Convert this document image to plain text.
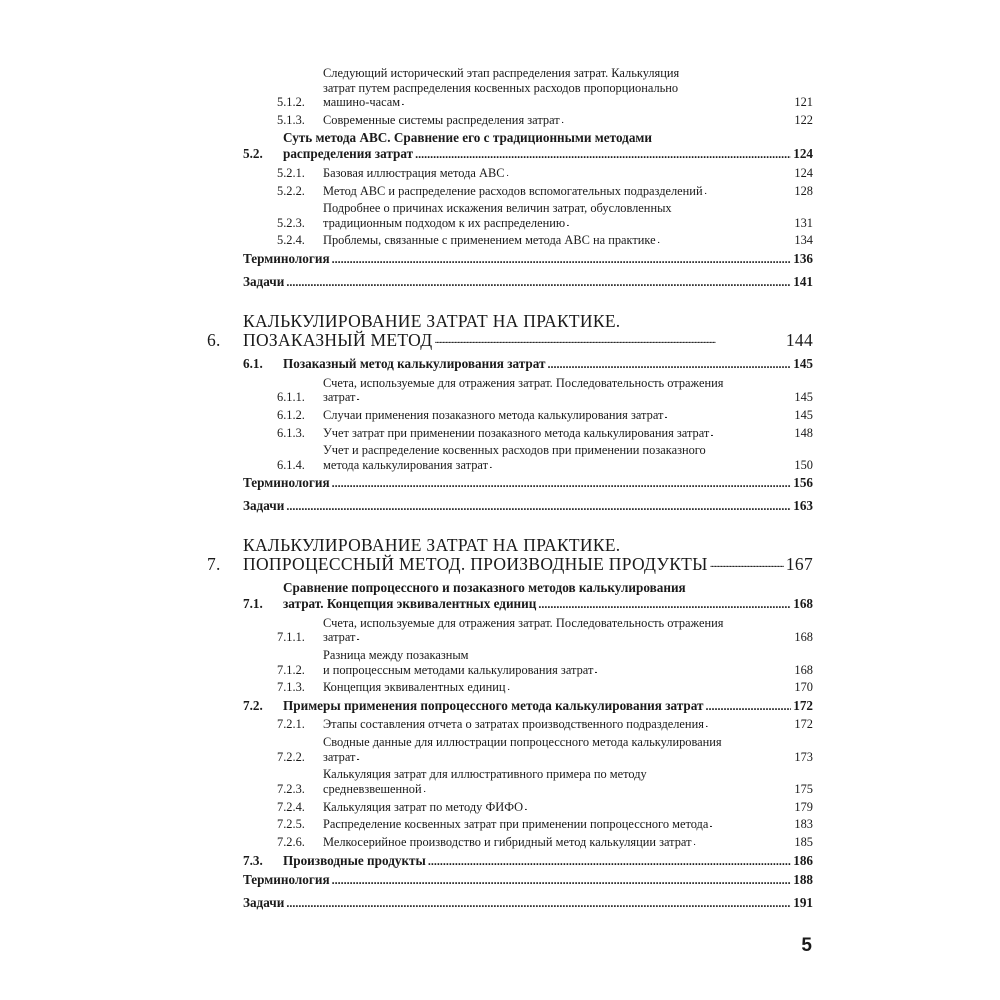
5.1.2.
Следующий исторический этап распределения затрат. Калькуляция
затрат путем распределения косвенных расходов пропорционально
машино-часам . . .	121
5.1.3.	Современные системы распределения затрат . . .	122
5.2.
Суть метода ABC. Сравнение его с традиционными методами
распределения затрат . . .	124
5.2.1.	Базовая иллюстрация метода ABC . . .	124
5.2.2.	Метод ABC и распределение расходов вспомогательных подразделений . . .	128
5.2.3.
Подробнее о причинах искажения величин затрат, обусловленных
традиционным подходом к их распределению . . .	131
5.2.4.	Проблемы, связанные с применением метода ABC на практике . . .	134
Терминология . . .	136
Задачи . . .	141
6.
КАЛЬКУЛИРОВАНИЕ ЗАТРАТ НА ПРАКТИКЕ.
ПОЗАКАЗНЫЙ МЕТОД . . .	144
6.1.	Позаказный метод калькулирования затрат . . .	145
6.1.1.
Счета, используемые для отражения затрат. Последовательность отражения
затрат . . .	145
6.1.2.	Случаи применения позаказного метода калькулирования затрат . . .	145
6.1.3.	Учет затрат при применении позаказного метода калькулирования затрат . . .	148
6.1.4.
Учет и распределение косвенных расходов при применении позаказного
метода калькулирования затрат . . .	150
Терминология . . .	156
Задачи . . .	163
7.
КАЛЬКУЛИРОВАНИЕ ЗАТРАТ НА ПРАКТИКЕ.
ПОПРОЦЕССНЫЙ МЕТОД. ПРОИЗВОДНЫЕ ПРОДУКТЫ . . .	167
7.1.
Сравнение попроцессного и позаказного методов калькулирования
затрат. Концепция эквивалентных единиц . . .	168
7.1.1.
Счета, используемые для отражения затрат. Последовательность отражения
затрат . . .	168
7.1.2.
Разница между позаказным
и попроцессным методами калькулирования затрат . . .	168
7.1.3.	Концепция эквивалентных единиц . . .	170
7.2.	Примеры применения попроцессного метода калькулирования затрат . . .	172
7.2.1.	Этапы составления отчета о затратах производственного подразделения . . .	172
7.2.2.
Сводные данные для иллюстрации попроцессного метода калькулирования
затрат . . .	173
7.2.3.
Калькуляция затрат для иллюстративного примера по методу
средневзвешенной . . .	175
7.2.4.	Калькуляция затрат по методу ФИФО . . .	179
7.2.5.	Распределение косвенных затрат при применении попроцессного метода . . .	183
7.2.6.	Мелкосерийное производство и гибридный метод калькуляции затрат . . .	185
7.3.	Производные продукты . . .	186
Терминология . . .	188
Задачи . . .	191
5
